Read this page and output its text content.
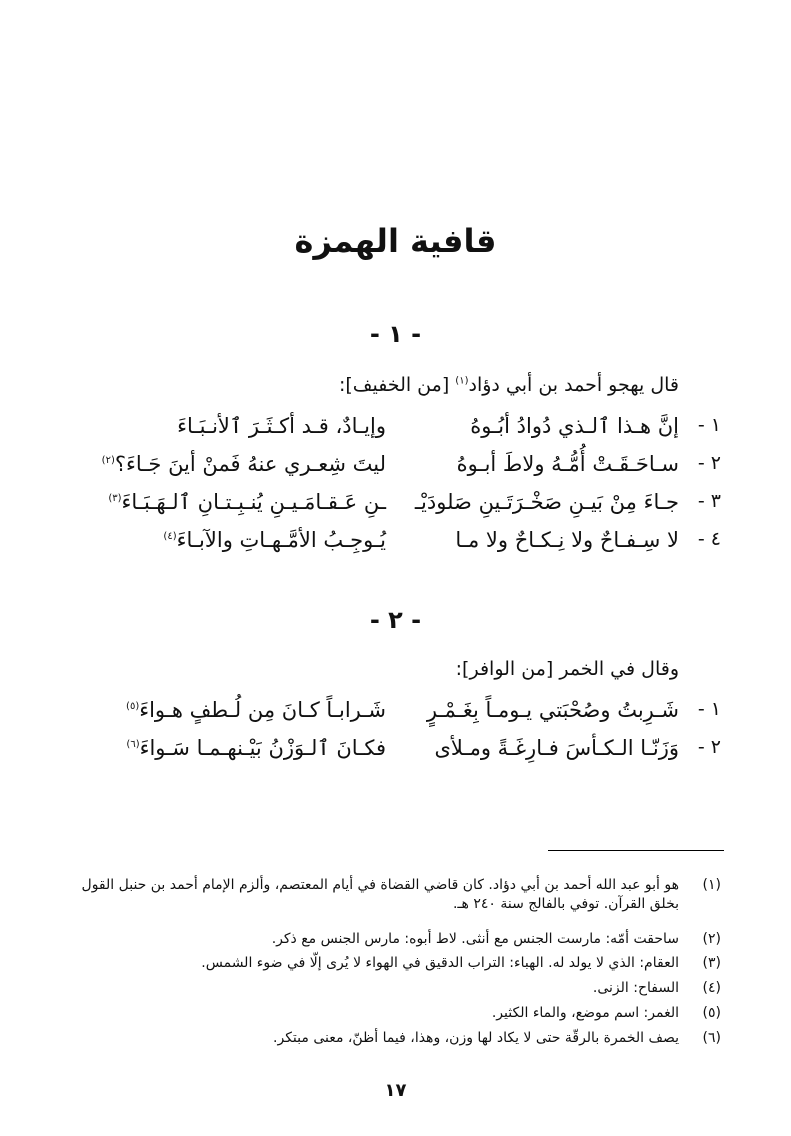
قافية الهمزة
- ١ -
قال يهجو أحمد بن أبي دؤاد$^{(١)}$ [من الخفيف]:
١ -
إنَّ هـذا ٱلـذي دُوادُ أبُـوهُ
وإيـادٌ، قـد أكـثَـرَ ٱلأنـبَـاءَ
٢ -
سـاحَـقَـتْ أُمُّـهُ ولاطَ أبـوهُ
ليتَ شِعـري عنهُ فَمنْ أينَ جَـاءَ؟$^{(٢)}$
٣ -
جـاءَ مِنْ بَيـنِ صَخْـرَتَـينِ صَلودَيْـ
ـنِ عَـقـامَـيـنِ يُنـبِـتـانِ ٱلـهَـبَـاءَ$^{(٣)}$
٤ -
لا سِـفـاحٌ ولا نِـكـاحٌ ولا مـا
يُـوجِـبُ الأمَّـهـاتِ والآبـاءَ$^{(٤)}$
- ٢ -
وقال في الخمر [من الوافر]:
١ -
شَـرِبتُ وصُحْبَتي يـومـاً بِغَـمْـرٍ
شَـرابـاً كـانَ مِن لُـطفٍ هـواءَ$^{(٥)}$
٢ -
وَزَنّـا الـكـأسَ فـارِغَـةً ومـلأى
فكـانَ ٱلـوَزْنُ بَيْـنهـمـا سَـواءَ$^{(٦)}$
(١)
هو أبو عبد الله أحمد بن أبي دؤاد. كان قاضي القضاة في أيام المعتصم، وألزم الإمام أحمد بن حنبل القول بخلق القرآن. توفي بالفالج سنة ٢٤٠ هـ.
(٢)
ساحقت أمّه: مارست الجنس مع أنثى. لاط أبوه: مارس الجنس مع ذكر.
(٣)
العقام: الذي لا يولد له. الهباء: التراب الدقيق في الهواء لا يُرى إلّا في ضوء الشمس.
(٤)
السفاح: الزنى.
(٥)
الغمر: اسم موضع، والماء الكثير.
(٦)
يصف الخمرة بالرقّة حتى لا يكاد لها وزن، وهذا، فيما أظنّ، معنى مبتكر.
١٧
